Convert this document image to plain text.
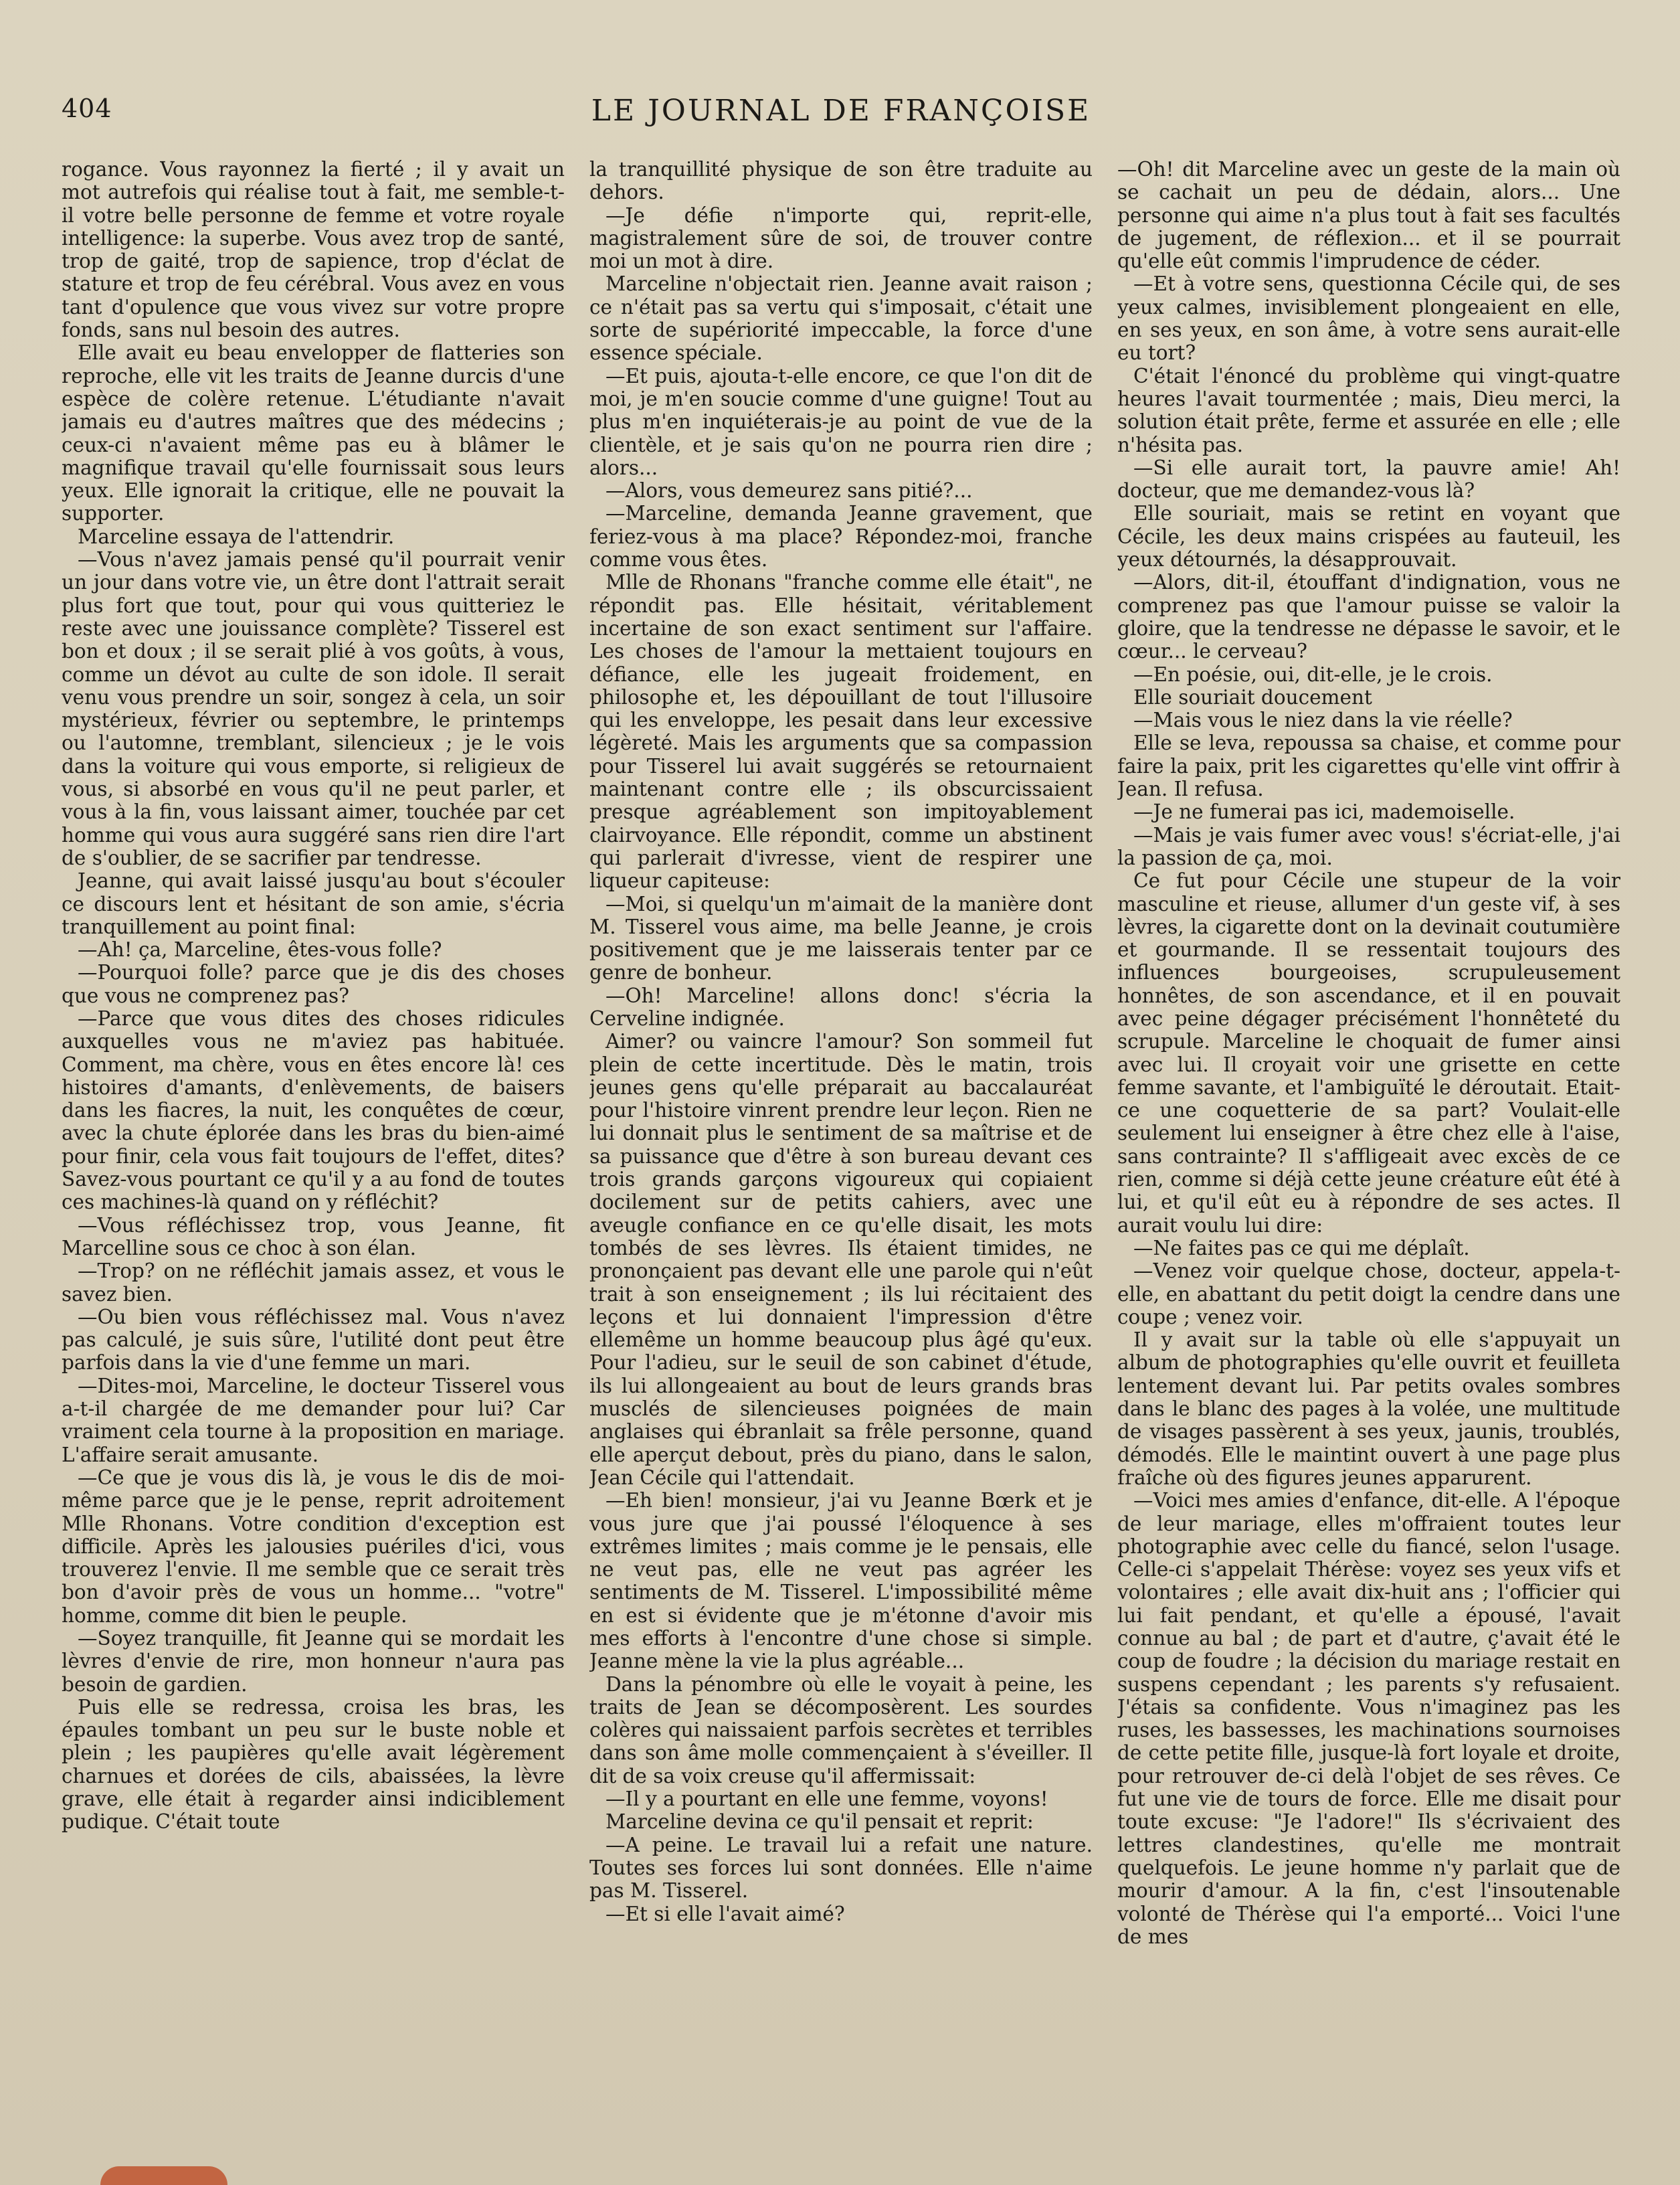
404	LE JOURNAL DE FRANÇOISE

rogance. Vous rayonnez la fierté ; il y avait un mot autrefois qui réalise tout à fait, me semble-t-il votre belle personne de femme et votre royale intelligence: la superbe. Vous avez trop de santé, trop de gaité, trop de sapience, trop d'éclat de stature et trop de feu cérébral. Vous avez en vous tant d'opulence que vous vivez sur votre propre fonds, sans nul besoin des autres.

Elle avait eu beau envelopper de flatteries son reproche, elle vit les traits de Jeanne durcis d'une espèce de colère retenue. L'étudiante n'avait jamais eu d'autres maîtres que des médecins ; ceux-ci n'avaient même pas eu à blâmer le magnifique travail qu'elle fournissait sous leurs yeux. Elle ignorait la critique, elle ne pouvait la supporter.

Marceline essaya de l'attendrir.

—Vous n'avez jamais pensé qu'il pourrait venir un jour dans votre vie, un être dont l'attrait serait plus fort que tout, pour qui vous quitteriez le reste avec une jouissance complète? Tisserel est bon et doux ; il se serait plié à vos goûts, à vous, comme un dévot au culte de son idole. Il serait venu vous prendre un soir, songez à cela, un soir mystérieux, février ou septembre, le printemps ou l'automne, tremblant, silencieux ; je le vois dans la voiture qui vous emporte, si religieux de vous, si absorbé en vous qu'il ne peut parler, et vous à la fin, vous laissant aimer, touchée par cet homme qui vous aura suggéré sans rien dire l'art de s'oublier, de se sacrifier par tendresse.

Jeanne, qui avait laissé jusqu'au bout s'écouler ce discours lent et hésitant de son amie, s'écria tranquillement au point final:

—Ah! ça, Marceline, êtes-vous folle?

—Pourquoi folle? parce que je dis des choses que vous ne comprenez pas?

—Parce que vous dites des choses ridicules auxquelles vous ne m'aviez pas habituée. Comment, ma chère, vous en êtes encore là! ces histoires d'amants, d'enlèvements, de baisers dans les fiacres, la nuit, les conquêtes de cœur, avec la chute éplorée dans les bras du bien-aimé pour finir, cela vous fait toujours de l'effet, dites? Savez-vous pourtant ce qu'il y a au fond de toutes ces machines-là quand on y réfléchit?

—Vous réfléchissez trop, vous Jeanne, fit Marcelline sous ce choc à son élan.

—Trop? on ne réfléchit jamais assez, et vous le savez bien.

—Ou bien vous réfléchissez mal. Vous n'avez pas calculé, je suis sûre, l'utilité dont peut être parfois dans la vie d'une femme un mari.

—Dites-moi, Marceline, le docteur Tisserel vous a-t-il chargée de me demander pour lui? Car vraiment cela tourne à la proposition en mariage. L'affaire serait amusante.

—Ce que je vous dis là, je vous le dis de moi-même parce que je le pense, reprit adroitement Mlle Rhonans. Votre condition d'exception est difficile. Après les jalousies puériles d'ici, vous trouverez l'envie. Il me semble que ce serait très bon d'avoir près de vous un homme... "votre" homme, comme dit bien le peuple.

—Soyez tranquille, fit Jeanne qui se mordait les lèvres d'envie de rire, mon honneur n'aura pas besoin de gardien.

Puis elle se redressa, croisa les bras, les épaules tombant un peu sur le buste noble et plein ; les paupières qu'elle avait légèrement charnues et dorées de cils, abaissées, la lèvre grave, elle était à regarder ainsi indiciblement pudique. C'était toute

la tranquillité physique de son être traduite au dehors.

—Je défie n'importe qui, reprit-elle, magistralement sûre de soi, de trouver contre moi un mot à dire.

Marceline n'objectait rien. Jeanne avait raison ; ce n'était pas sa vertu qui s'imposait, c'était une sorte de supériorité impeccable, la force d'une essence spéciale.

—Et puis, ajouta-t-elle encore, ce que l'on dit de moi, je m'en soucie comme d'une guigne! Tout au plus m'en inquiéterais-je au point de vue de la clientèle, et je sais qu'on ne pourra rien dire ; alors...

—Alors, vous demeurez sans pitié?...

—Marceline, demanda Jeanne gravement, que feriez-vous à ma place? Répondez-moi, franche comme vous êtes.

Mlle de Rhonans "franche comme elle était", ne répondit pas. Elle hésitait, véritablement incertaine de son exact sentiment sur l'affaire. Les choses de l'amour la mettaient toujours en défiance, elle les jugeait froidement, en philosophe et, les dépouillant de tout l'illusoire qui les enveloppe, les pesait dans leur excessive légèreté. Mais les arguments que sa compassion pour Tisserel lui avait suggérés se retournaient maintenant contre elle ; ils obscurcissaient presque agréablement son impitoyablement clairvoyance. Elle répondit, comme un abstinent qui parlerait d'ivresse, vient de respirer une liqueur capiteuse:

—Moi, si quelqu'un m'aimait de la manière dont M. Tisserel vous aime, ma belle Jeanne, je crois positivement que je me laisserais tenter par ce genre de bonheur.

—Oh! Marceline! allons donc! s'écria la Cerveline indignée.

Aimer? ou vaincre l'amour? Son sommeil fut plein de cette incertitude. Dès le matin, trois jeunes gens qu'elle préparait au baccalauréat pour l'histoire vinrent prendre leur leçon. Rien ne lui donnait plus le sentiment de sa maîtrise et de sa puissance que d'être à son bureau devant ces trois grands garçons vigoureux qui copiaient docilement sur de petits cahiers, avec une aveugle confiance en ce qu'elle disait, les mots tombés de ses lèvres. Ils étaient timides, ne prononçaient pas devant elle une parole qui n'eût trait à son enseignement ; ils lui récitaient des leçons et lui donnaient l'impression d'être ellemême un homme beaucoup plus âgé qu'eux. Pour l'adieu, sur le seuil de son cabinet d'étude, ils lui allongeaient au bout de leurs grands bras musclés de silencieuses poignées de main anglaises qui ébranlait sa frêle personne, quand elle aperçut debout, près du piano, dans le salon, Jean Cécile qui l'attendait.

—Eh bien! monsieur, j'ai vu Jeanne Bœrk et je vous jure que j'ai poussé l'éloquence à ses extrêmes limites ; mais comme je le pensais, elle ne veut pas, elle ne veut pas agréer les sentiments de M. Tisserel. L'impossibilité même en est si évidente que je m'étonne d'avoir mis mes efforts à l'encontre d'une chose si simple. Jeanne mène la vie la plus agréable...

Dans la pénombre où elle le voyait à peine, les traits de Jean se décomposèrent. Les sourdes colères qui naissaient parfois secrètes et terribles dans son âme molle commençaient à s'éveiller. Il dit de sa voix creuse qu'il affermissait:

—Il y a pourtant en elle une femme, voyons!

Marceline devina ce qu'il pensait et reprit:

—A peine. Le travail lui a refait une nature. Toutes ses forces lui sont données. Elle n'aime pas M. Tisserel.

—Et si elle l'avait aimé?

—Oh! dit Marceline avec un geste de la main où se cachait un peu de dédain, alors... Une personne qui aime n'a plus tout à fait ses facultés de jugement, de réflexion... et il se pourrait qu'elle eût commis l'imprudence de céder.

—Et à votre sens, questionna Cécile qui, de ses yeux calmes, invisiblement plongeaient en elle, en ses yeux, en son âme, à votre sens aurait-elle eu tort?

C'était l'énoncé du problème qui vingt-quatre heures l'avait tourmentée ; mais, Dieu merci, la solution était prête, ferme et assurée en elle ; elle n'hésita pas.

—Si elle aurait tort, la pauvre amie! Ah! docteur, que me demandez-vous là?

Elle souriait, mais se retint en voyant que Cécile, les deux mains crispées au fauteuil, les yeux détournés, la désapprouvait.

—Alors, dit-il, étouffant d'indignation, vous ne comprenez pas que l'amour puisse se valoir la gloire, que la tendresse ne dépasse le savoir, et le cœur... le cerveau?

—En poésie, oui, dit-elle, je le crois.

Elle souriait doucement

—Mais vous le niez dans la vie réelle?

Elle se leva, repoussa sa chaise, et comme pour faire la paix, prit les cigarettes qu'elle vint offrir à Jean. Il refusa.

—Je ne fumerai pas ici, mademoiselle.

—Mais je vais fumer avec vous! s'écriat-elle, j'ai la passion de ça, moi.

Ce fut pour Cécile une stupeur de la voir masculine et rieuse, allumer d'un geste vif, à ses lèvres, la cigarette dont on la devinait coutumière et gourmande. Il se ressentait toujours des influences bourgeoises, scrupuleusement honnêtes, de son ascendance, et il en pouvait avec peine dégager précisément l'honnêteté du scrupule. Marceline le choquait de fumer ainsi avec lui. Il croyait voir une grisette en cette femme savante, et l'ambiguïté le déroutait. Etait-ce une coquetterie de sa part? Voulait-elle seulement lui enseigner à être chez elle à l'aise, sans contrainte? Il s'affligeait avec excès de ce rien, comme si déjà cette jeune créature eût été à lui, et qu'il eût eu à répondre de ses actes. Il aurait voulu lui dire:

—Ne faites pas ce qui me déplaît.

—Venez voir quelque chose, docteur, appela-t-elle, en abattant du petit doigt la cendre dans une coupe ; venez voir.

Il y avait sur la table où elle s'appuyait un album de photographies qu'elle ouvrit et feuilleta lentement devant lui. Par petits ovales sombres dans le blanc des pages à la volée, une multitude de visages passèrent à ses yeux, jaunis, troublés, démodés. Elle le maintint ouvert à une page plus fraîche où des figures jeunes apparurent.

—Voici mes amies d'enfance, dit-elle. A l'époque de leur mariage, elles m'offraient toutes leur photographie avec celle du fiancé, selon l'usage. Celle-ci s'appelait Thérèse: voyez ses yeux vifs et volontaires ; elle avait dix-huit ans ; l'officier qui lui fait pendant, et qu'elle a épousé, l'avait connue au bal ; de part et d'autre, ç'avait été le coup de foudre ; la décision du mariage restait en suspens cependant ; les parents s'y refusaient. J'étais sa confidente. Vous n'imaginez pas les ruses, les bassesses, les machinations sournoises de cette petite fille, jusque-là fort loyale et droite, pour retrouver de-ci delà l'objet de ses rêves. Ce fut une vie de tours de force. Elle me disait pour toute excuse: "Je l'adore!" Ils s'écrivaient des lettres clandestines, qu'elle me montrait quelquefois. Le jeune homme n'y parlait que de mourir d'amour. A la fin, c'est l'insoutenable volonté de Thérèse qui l'a emporté... Voici l'une de mes
